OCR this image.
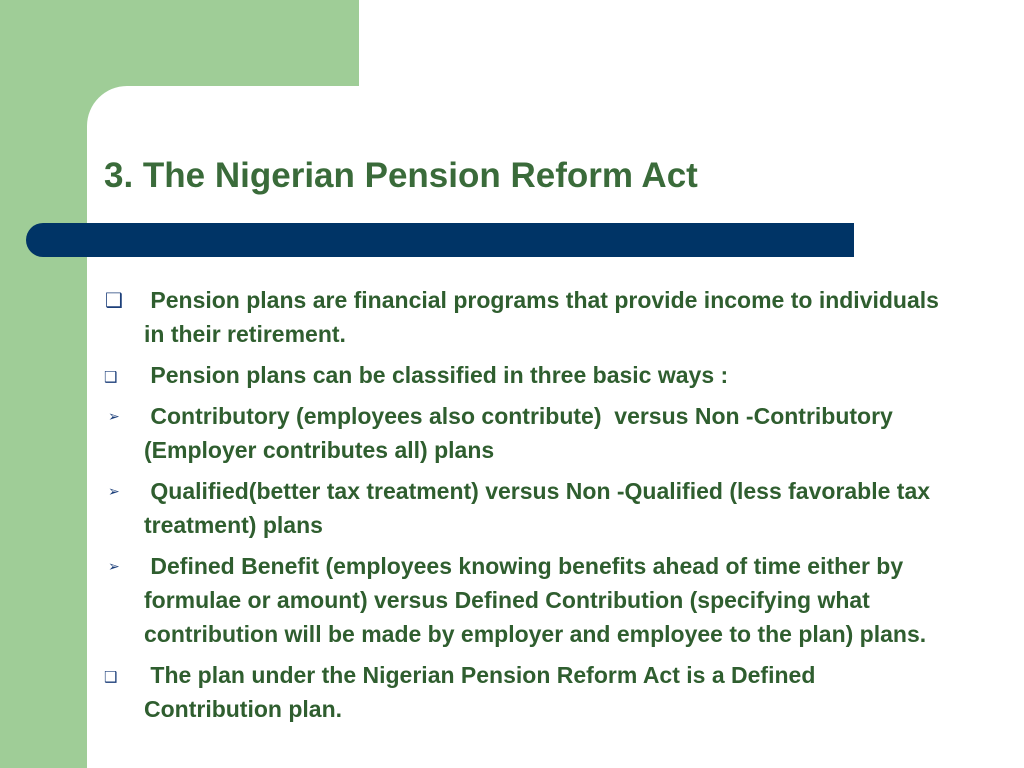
3. The Nigerian Pension Reform Act
❑ Pension plans are financial programs that provide income to individuals  in their retirement.
❑	Pension plans can be classified in three basic ways :
➢	Contributory (employees also contribute)  versus Non -Contributory (Employer contributes all) plans
➢	Qualified(better tax treatment) versus Non -Qualified (less favorable tax treatment) plans
➢	Defined Benefit (employees knowing benefits ahead of time either by formulae or amount) versus Defined Contribution (specifying what contribution will be made by employer and employee to the plan) plans.
❑	The plan under the Nigerian Pension Reform Act is a Defined Contribution plan.
